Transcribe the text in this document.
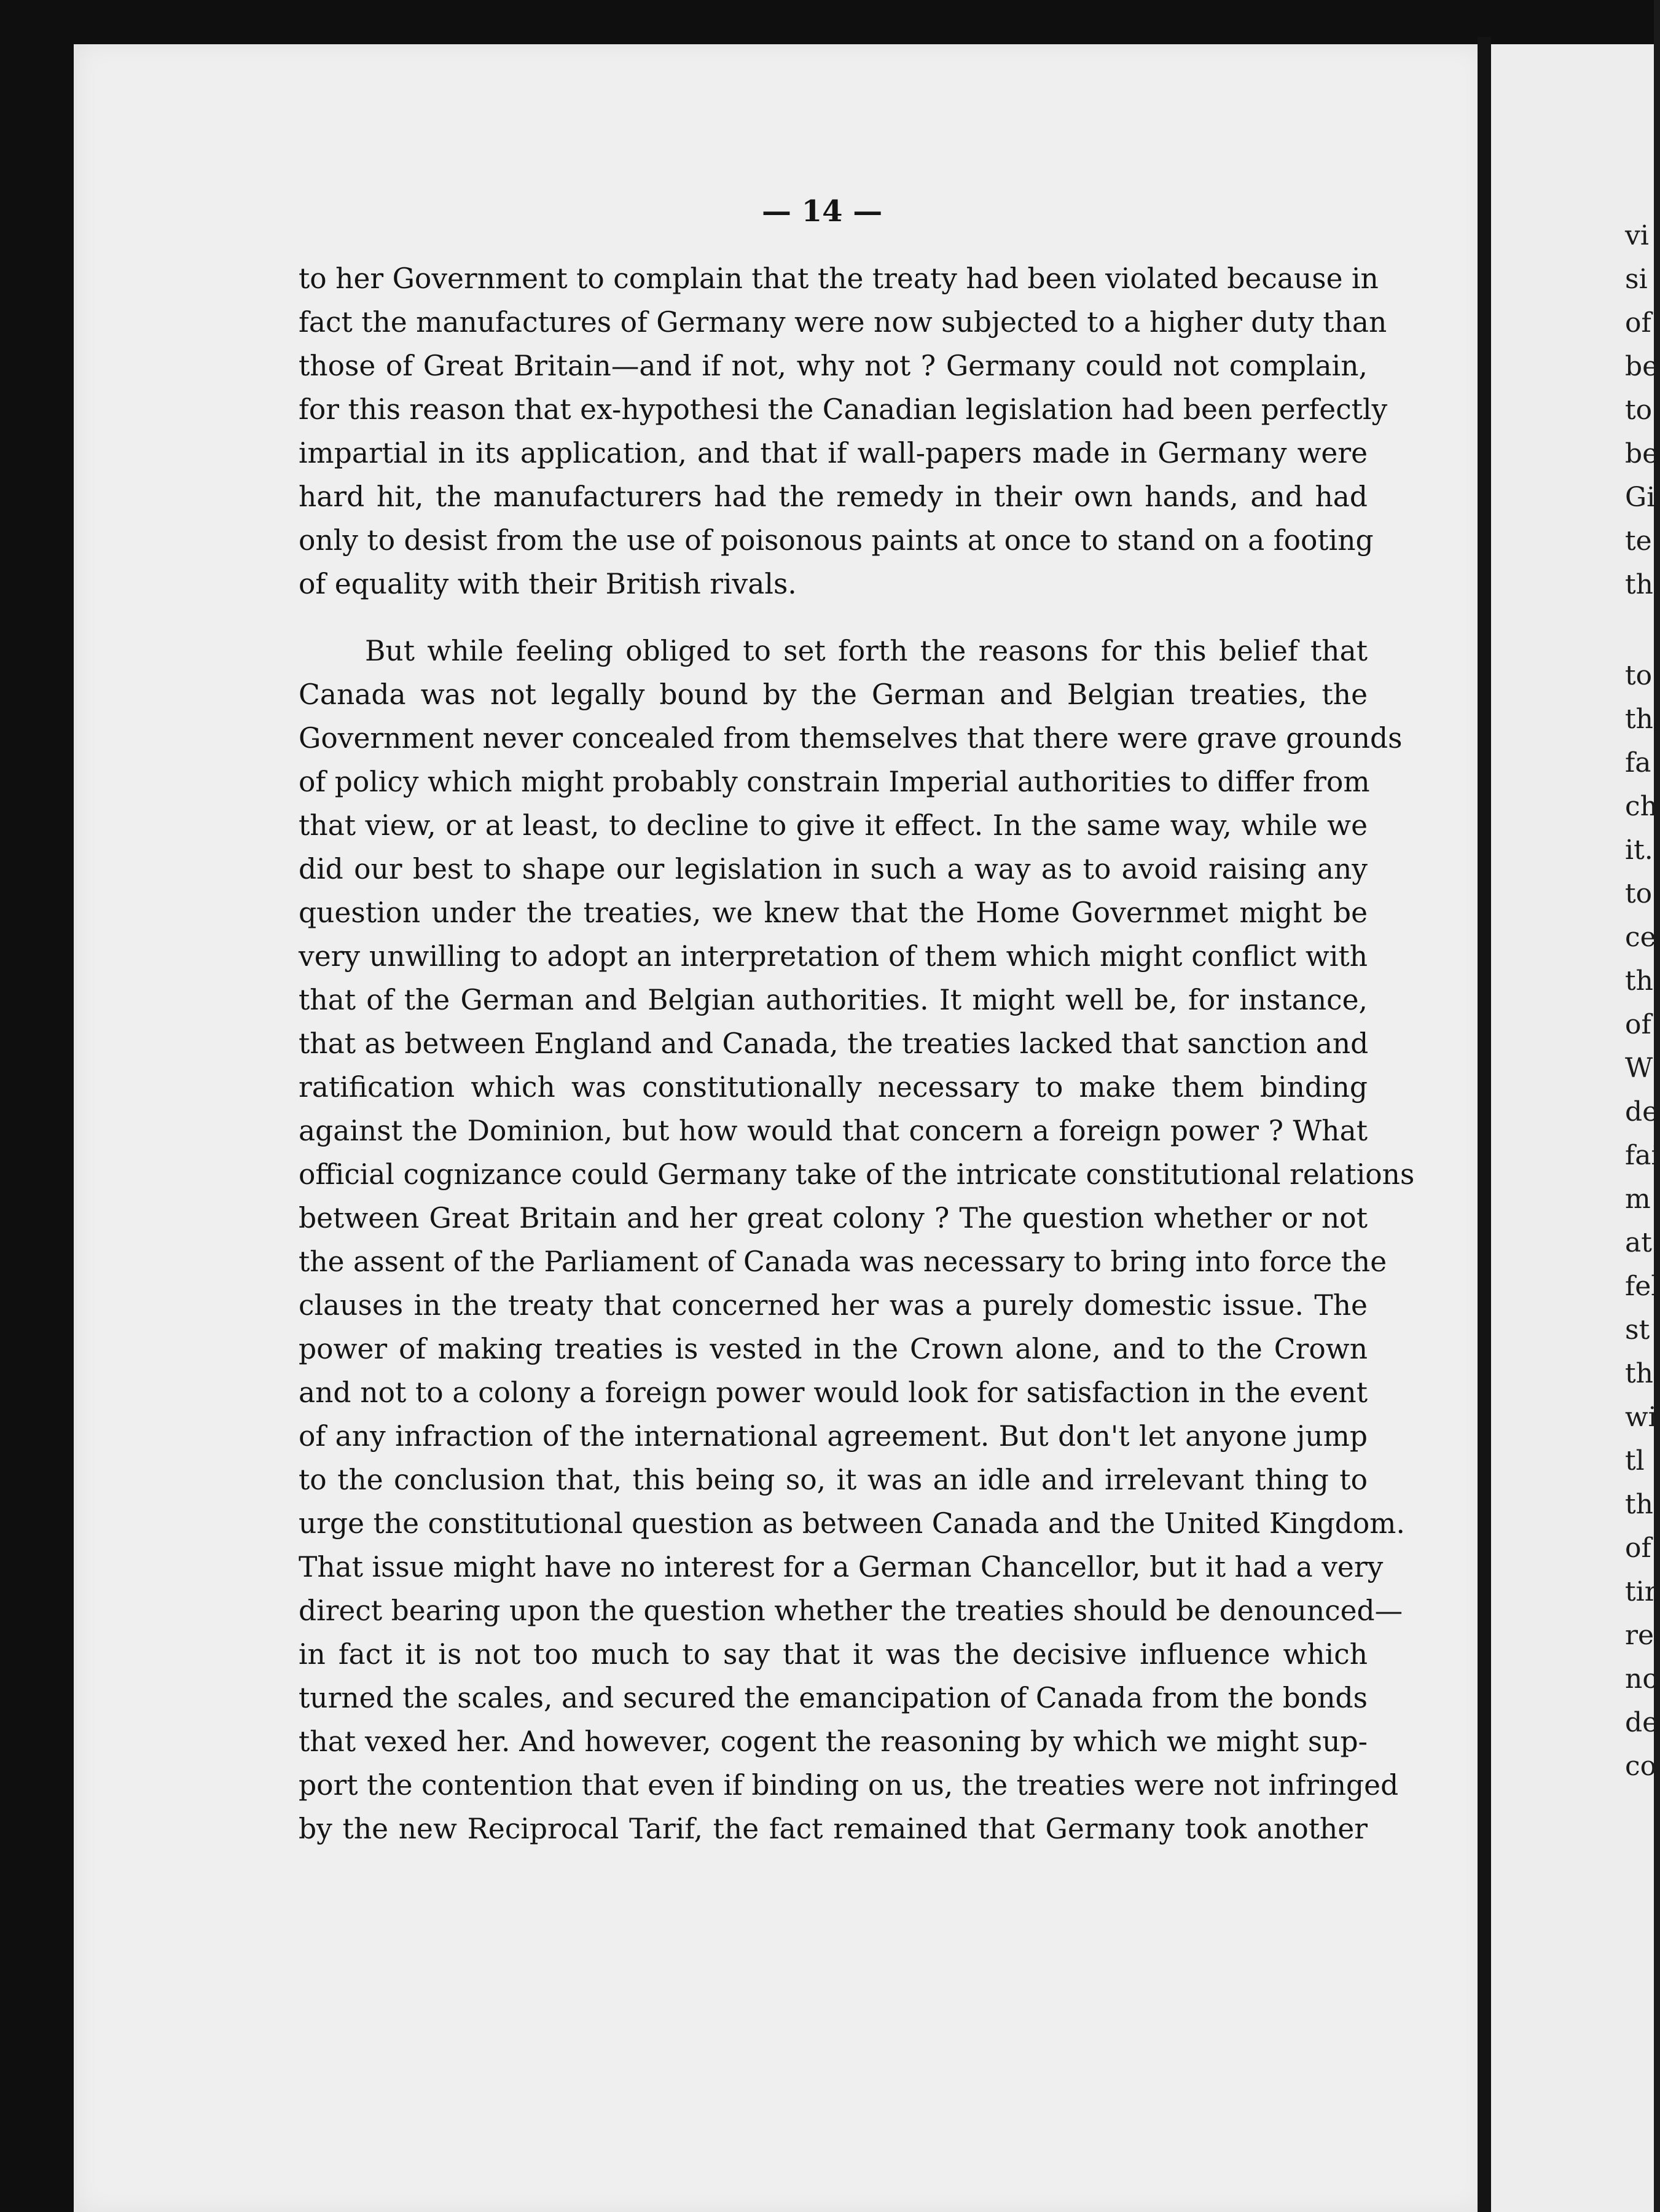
— 14 —

to her Government to complain that the treaty had been violated because in
fact the manufactures of Germany were now subjected to a higher duty than
those of Great Britain—and if not, why not ? Germany could not complain,
for this reason that ex-hypothesi the Canadian legislation had been perfectly
impartial in its application, and that if wall-papers made in Germany were
hard hit, the manufacturers had the remedy in their own hands, and had
only to desist from the use of poisonous paints at once to stand on a footing
of equality with their British rivals.

But while feeling obliged to set forth the reasons for this belief that
Canada was not legally bound by the German and Belgian treaties, the
Government never concealed from themselves that there were grave grounds
of policy which might probably constrain Imperial authorities to differ from
that view, or at least, to decline to give it effect. In the same way, while we
did our best to shape our legislation in such a way as to avoid raising any
question under the treaties, we knew that the Home Governmet might be
very unwilling to adopt an interpretation of them which might conflict with
that of the German and Belgian authorities. It might well be, for instance,
that as between England and Canada, the treaties lacked that sanction and
ratification which was constitutionally necessary to make them binding
against the Dominion, but how would that concern a foreign power ? What
official cognizance could Germany take of the intricate constitutional relations
between Great Britain and her great colony ? The question whether or not
the assent of the Parliament of Canada was necessary to bring into force the
clauses in the treaty that concerned her was a purely domestic issue. The
power of making treaties is vested in the Crown alone, and to the Crown
and not to a colony a foreign power would look for satisfaction in the event
of any infraction of the international agreement. But don't let anyone jump
to the conclusion that, this being so, it was an idle and irrelevant thing to
urge the constitutional question as between Canada and the United Kingdom.
That issue might have no interest for a German Chancellor, but it had a very
direct bearing upon the question whether the treaties should be denounced—
in fact it is not too much to say that it was the decisive influence which
turned the scales, and secured the emancipation of Canada from the bonds
that vexed her. And however, cogent the reasoning by which we might sup-
port the contention that even if binding on us, the treaties were not infringed
by the new Reciprocal Tarif, the fact remained that Germany took another

vi
si
of
be
to
be
Gi
te
th
to
th
fa
ch
it.
to
ce
th
of
W
de
fai
m
at
fel
st
th
wi
tl
th
of
tir
re
no
de
co
